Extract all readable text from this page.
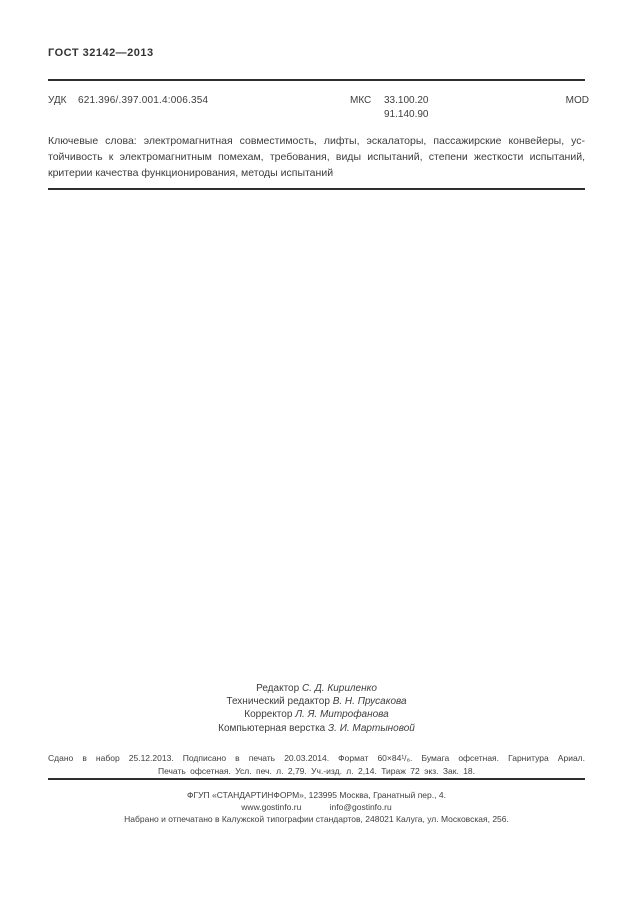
ГОСТ 32142—2013
УДК 621.396/.397.001.4:006.354	МКС 33.100.20
91.140.90
MOD
Ключевые слова: электромагнитная совместимость, лифты, эскалаторы, пассажирские конвейеры, ус-
тойчивость к электромагнитным помехам, требования, виды испытаний, степени жесткости испытаний,
критерии качества функционирования, методы испытаний
Редактор С. Д. Кириленко
Технический редактор В. Н. Прусакова
Корректор Л. Я. Митрофанова
Компьютерная верстка З. И. Мартыновой
Сдано в набор 25.12.2013. Подписано в печать 20.03.2014. Формат 60×84¹/₈. Бумага офсетная. Гарнитура Ариал.
Печать офсетная. Усл. печ. л. 2,79. Уч.-изд. л. 2,14. Тираж 72 экз. Зак. 18.
ФГУП «СТАНДАРТИНФОРМ», 123995 Москва, Гранатный пер., 4.
www.gostinfo.ru	info@gostinfo.ru
Набрано и отпечатано в Калужской типографии стандартов, 248021 Калуга, ул. Московская, 256.
